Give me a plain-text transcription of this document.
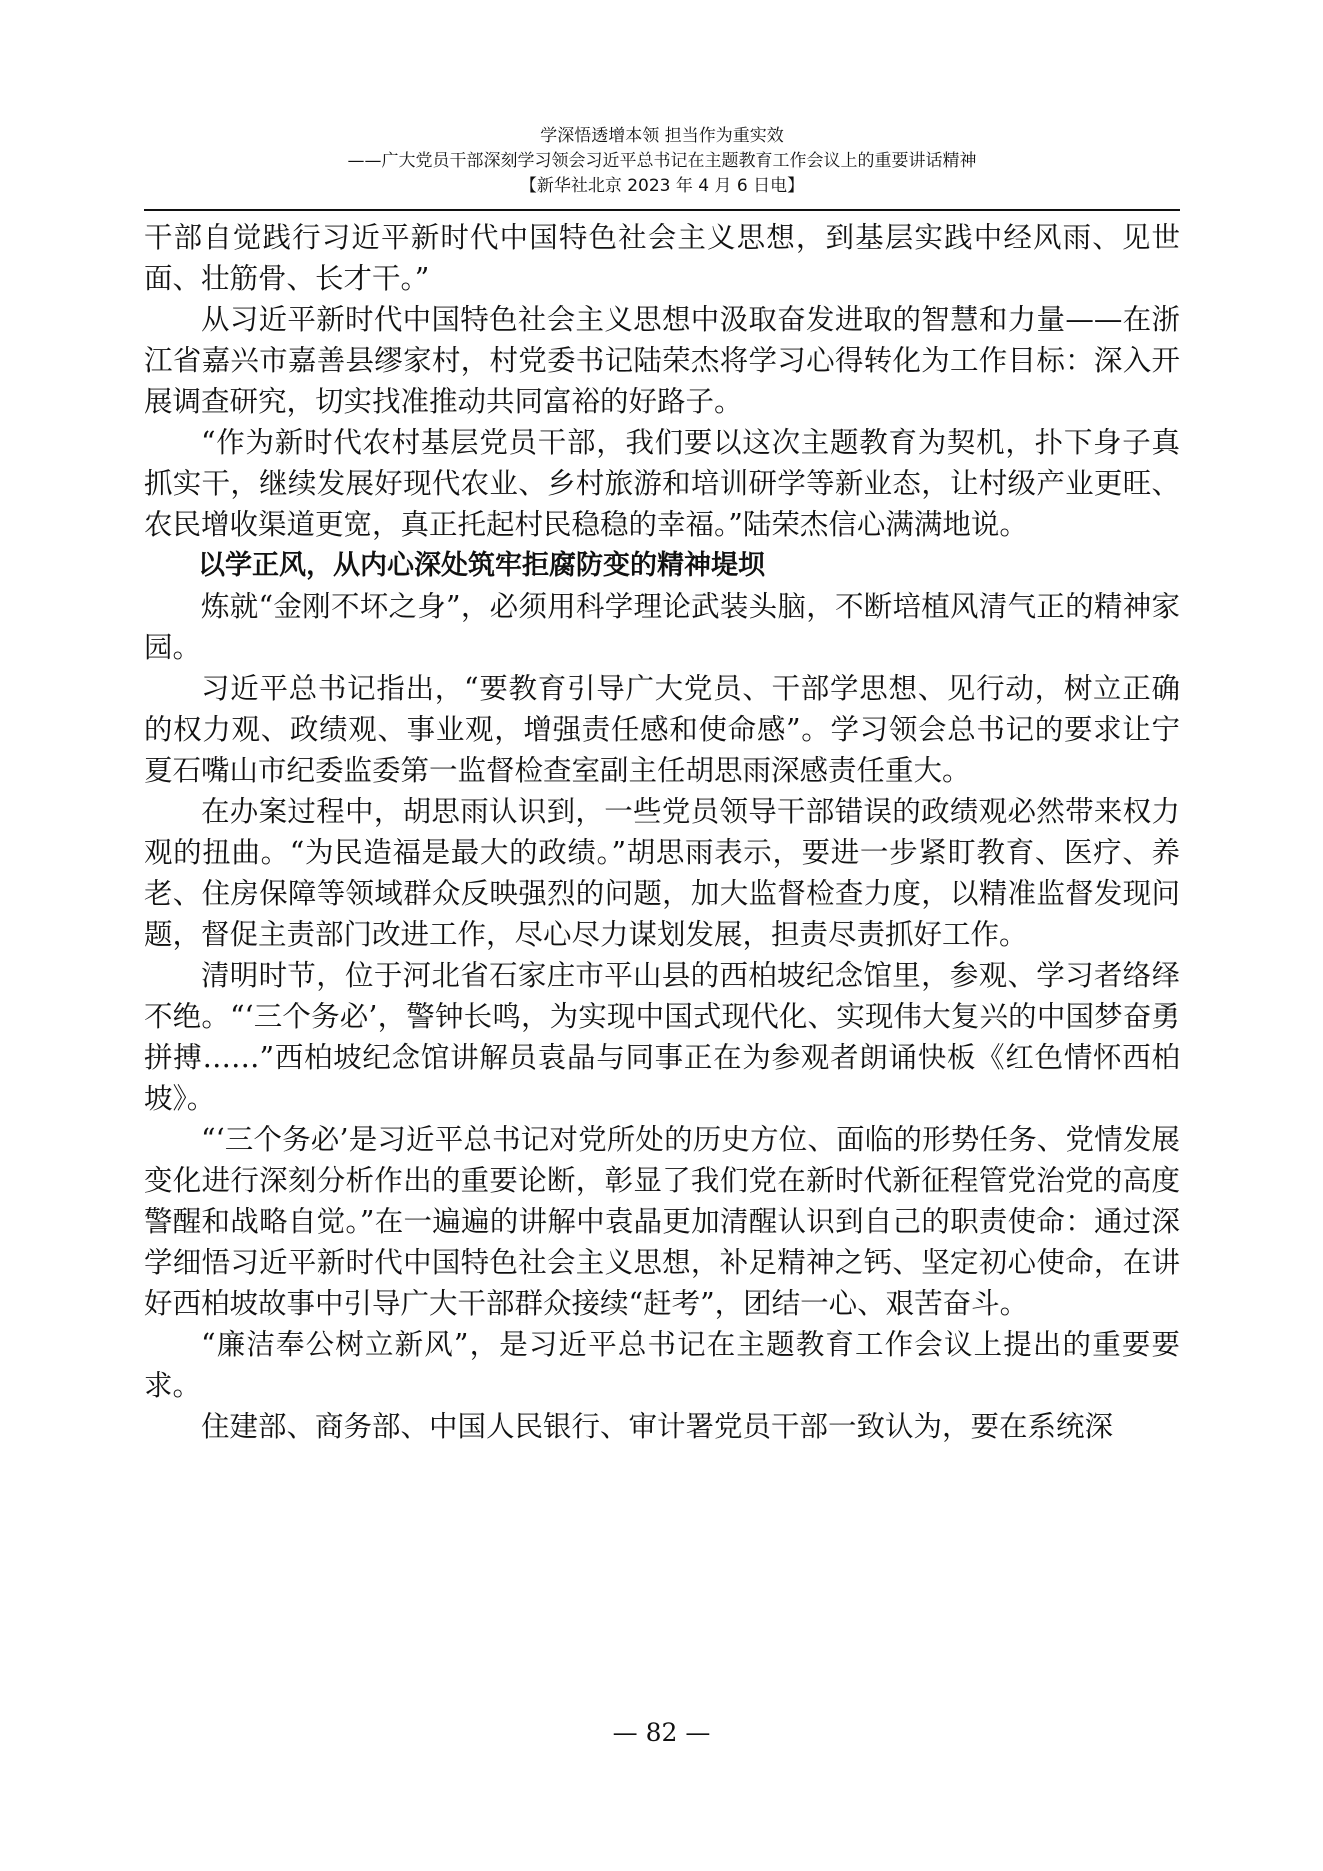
学深悟透增本领 担当作为重实效
——广大党员干部深刻学习领会习近平总书记在主题教育工作会议上的重要讲话精神
【新华社北京 2023 年 4 月 6 日电】

干部自觉践行习近平新时代中国特色社会主义思想，到基层实践中经风雨、见世面、壮筋骨、长才干。”

从习近平新时代中国特色社会主义思想中汲取奋发进取的智慧和力量——在浙江省嘉兴市嘉善县缪家村，村党委书记陆荣杰将学习心得转化为工作目标：深入开展调查研究，切实找准推动共同富裕的好路子。

“作为新时代农村基层党员干部，我们要以这次主题教育为契机，扑下身子真抓实干，继续发展好现代农业、乡村旅游和培训研学等新业态，让村级产业更旺、农民增收渠道更宽，真正托起村民稳稳的幸福。”陆荣杰信心满满地说。

以学正风，从内心深处筑牢拒腐防变的精神堤坝

炼就“金刚不坏之身”，必须用科学理论武装头脑，不断培植风清气正的精神家园。

习近平总书记指出，“要教育引导广大党员、干部学思想、见行动，树立正确的权力观、政绩观、事业观，增强责任感和使命感”。学习领会总书记的要求让宁夏石嘴山市纪委监委第一监督检查室副主任胡思雨深感责任重大。

在办案过程中，胡思雨认识到，一些党员领导干部错误的政绩观必然带来权力观的扭曲。“为民造福是最大的政绩。”胡思雨表示，要进一步紧盯教育、医疗、养老、住房保障等领域群众反映强烈的问题，加大监督检查力度，以精准监督发现问题，督促主责部门改进工作，尽心尽力谋划发展，担责尽责抓好工作。

清明时节，位于河北省石家庄市平山县的西柏坡纪念馆里，参观、学习者络绎不绝。“‘三个务必’，警钟长鸣，为实现中国式现代化、实现伟大复兴的中国梦奋勇拼搏……”西柏坡纪念馆讲解员袁晶与同事正在为参观者朗诵快板《红色情怀西柏坡》。

“‘三个务必’是习近平总书记对党所处的历史方位、面临的形势任务、党情发展变化进行深刻分析作出的重要论断，彰显了我们党在新时代新征程管党治党的高度警醒和战略自觉。”在一遍遍的讲解中袁晶更加清醒认识到自己的职责使命：通过深学细悟习近平新时代中国特色社会主义思想，补足精神之钙、坚定初心使命，在讲好西柏坡故事中引导广大干部群众接续“赶考”，团结一心、艰苦奋斗。

“廉洁奉公树立新风”，是习近平总书记在主题教育工作会议上提出的重要要求。

住建部、商务部、中国人民银行、审计署党员干部一致认为，要在系统深

— 82 —
